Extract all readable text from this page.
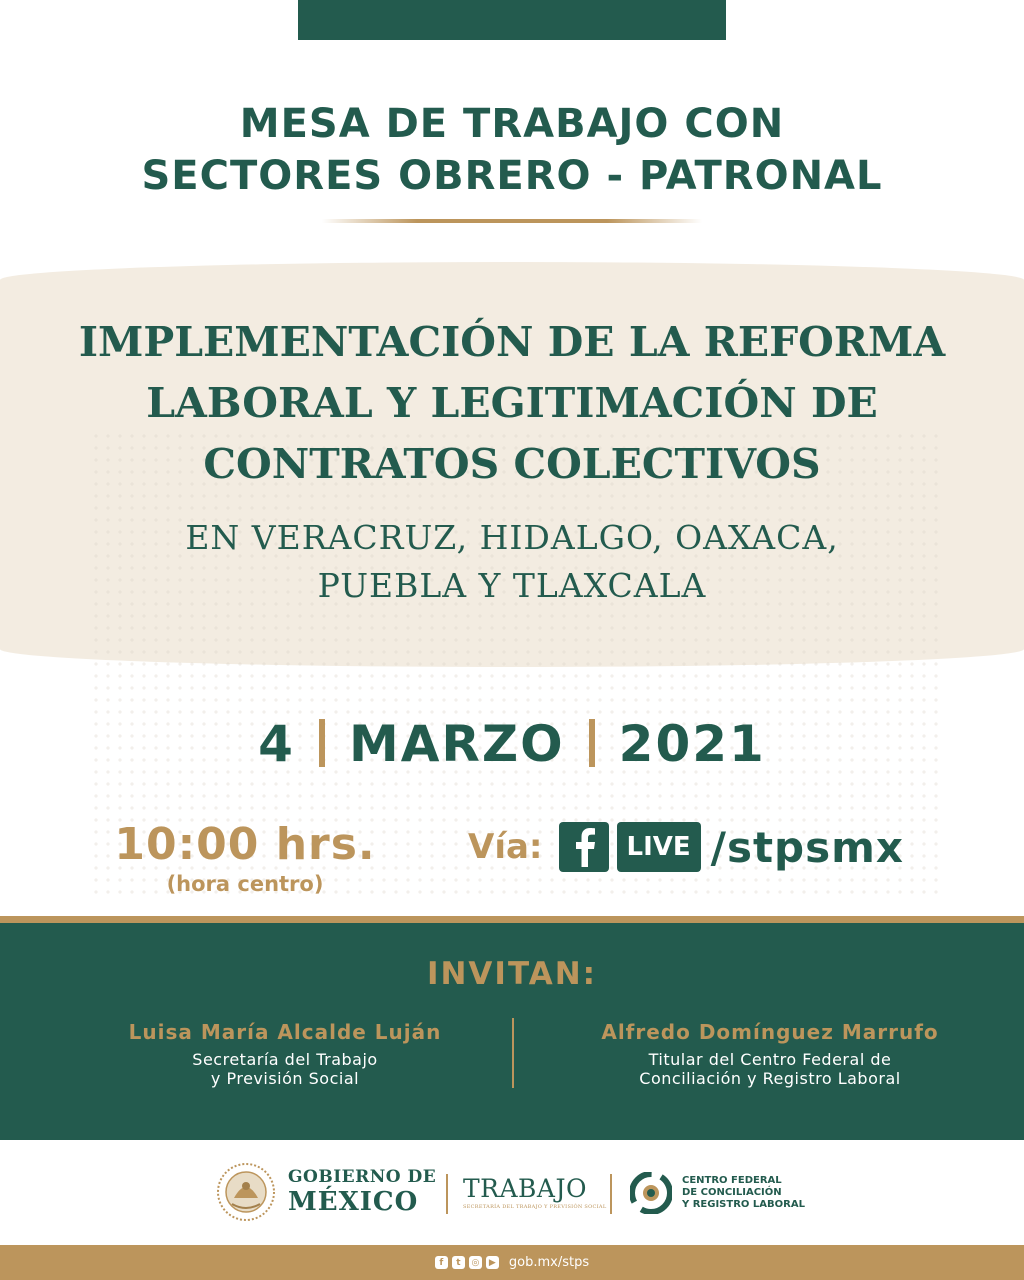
MESA DE TRABAJO CON
SECTORES OBRERO - PATRONAL
IMPLEMENTACIÓN DE LA REFORMA
LABORAL Y LEGITIMACIÓN DE
CONTRATOS COLECTIVOS
EN VERACRUZ, HIDALGO, OAXACA,
PUEBLA Y TLAXCALA
4 MARZO 2021
10:00 hrs.
(hora centro)
Vía:	LIVE /stpsmx
INVITAN:
Luisa María Alcalde Luján
Secretaría del Trabajo
y Previsión Social
Alfredo Domínguez Marrufo
Titular del Centro Federal de
Conciliación y Registro Laboral
GOBIERNO DE
MÉXICO	TRABAJO
SECRETARÍA DEL TRABAJO Y PREVISIÓN SOCIAL
CENTRO FEDERAL
DE CONCILIACIÓN
Y REGISTRO LABORAL
f	t	◎	▶ gob.mx/stps
